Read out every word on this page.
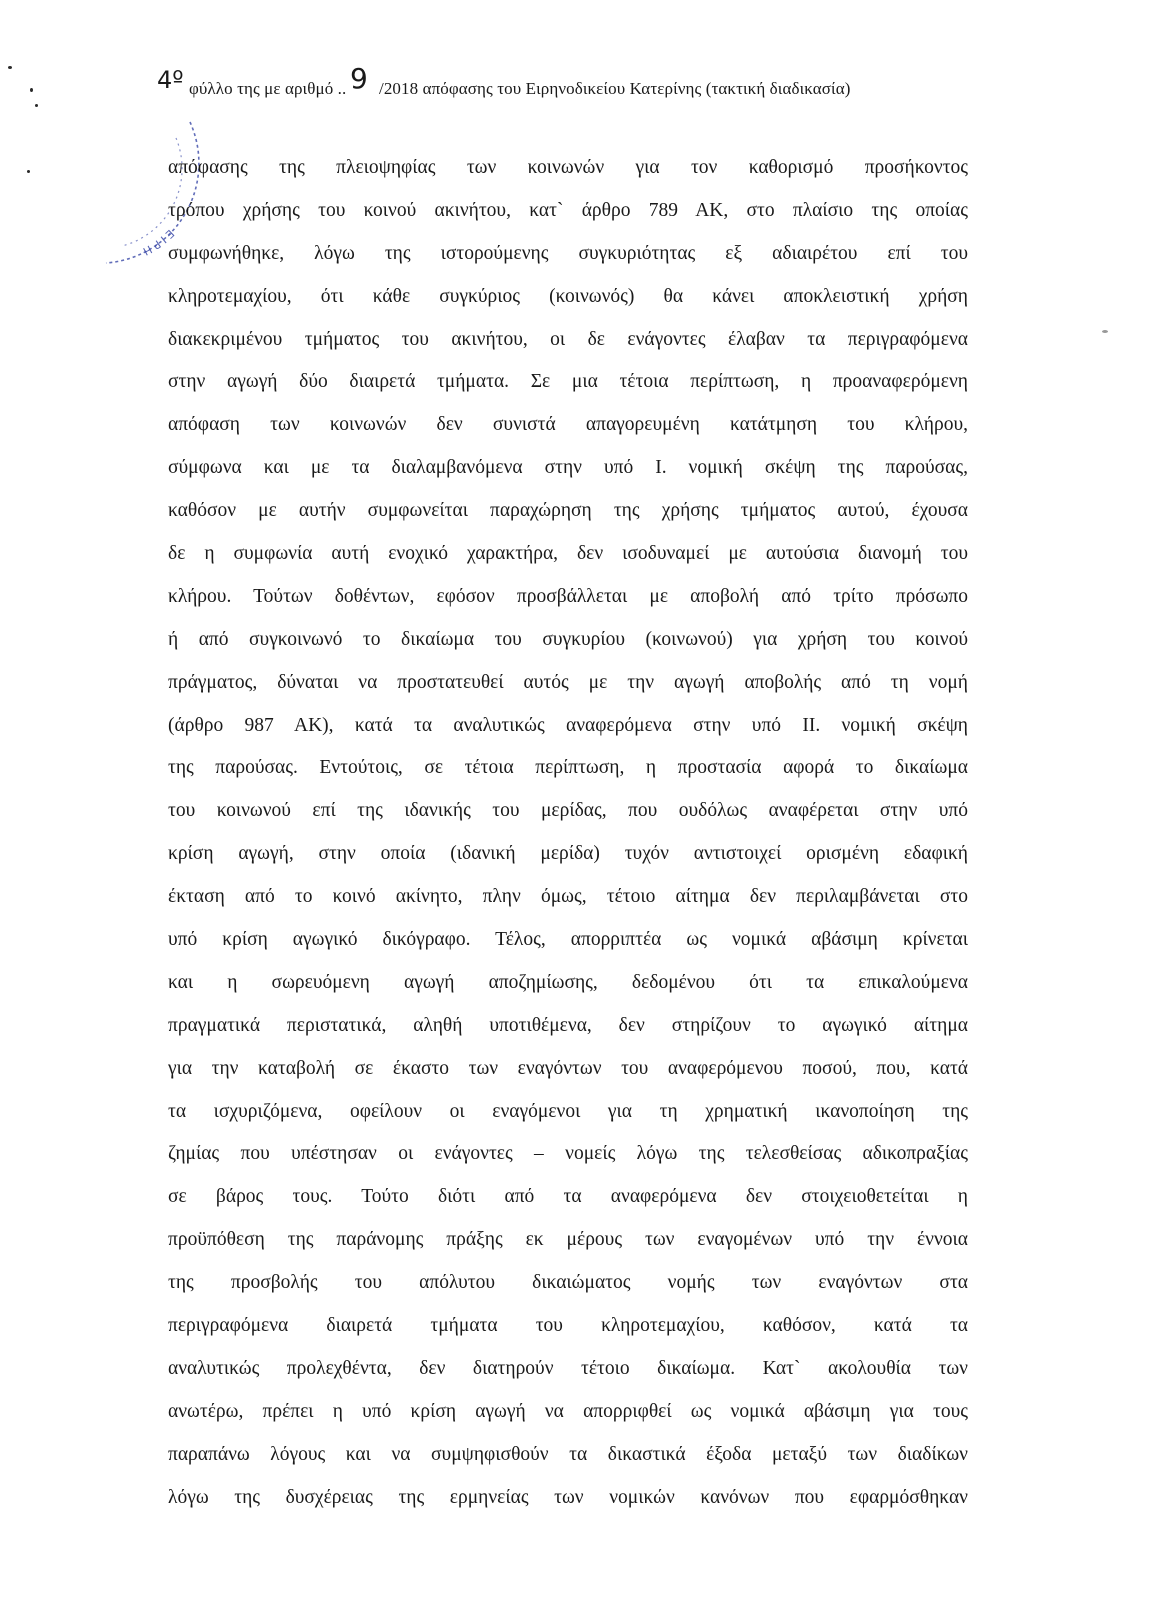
4º φύλλο της με αριθμό .. 9 /2018 απόφασης του Ειρηνοδικείου Κατερίνης (τακτική διαδικασία)
ΕΙΡΗ
απόφασης της πλειοψηφίας των κοινωνών για τον καθορισμό προσήκοντος
τρόπου χρήσης του κοινού ακινήτου, κατ` άρθρο 789 ΑΚ, στο πλαίσιο της οποίας
συμφωνήθηκε, λόγω της ιστορούμενης συγκυριότητας εξ αδιαιρέτου επί του
κληροτεμαχίου, ότι κάθε συγκύριος (κοινωνός) θα κάνει αποκλειστική χρήση
διακεκριμένου τμήματος του ακινήτου, οι δε ενάγοντες έλαβαν τα περιγραφόμενα
στην αγωγή δύο διαιρετά τμήματα. Σε μια τέτοια περίπτωση, η προαναφερόμενη
απόφαση των κοινωνών δεν συνιστά απαγορευμένη κατάτμηση του κλήρου,
σύμφωνα και με τα διαλαμβανόμενα στην υπό Ι. νομική σκέψη της παρούσας,
καθόσον με αυτήν συμφωνείται παραχώρηση της χρήσης τμήματος αυτού, έχουσα
δε η συμφωνία αυτή ενοχικό χαρακτήρα, δεν ισοδυναμεί με αυτούσια διανομή του
κλήρου. Τούτων δοθέντων, εφόσον προσβάλλεται με αποβολή από τρίτο πρόσωπο
ή από συγκοινωνό το δικαίωμα του συγκυρίου (κοινωνού) για χρήση του κοινού
πράγματος, δύναται να προστατευθεί αυτός με την αγωγή αποβολής από τη νομή
(άρθρο 987 ΑΚ), κατά τα αναλυτικώς αναφερόμενα στην υπό ΙΙ. νομική σκέψη
της παρούσας. Εντούτοις, σε τέτοια περίπτωση, η προστασία αφορά το δικαίωμα
του κοινωνού επί της ιδανικής του μερίδας, που ουδόλως αναφέρεται στην υπό
κρίση αγωγή, στην οποία (ιδανική μερίδα) τυχόν αντιστοιχεί ορισμένη εδαφική
έκταση από το κοινό ακίνητο, πλην όμως, τέτοιο αίτημα δεν περιλαμβάνεται στο
υπό κρίση αγωγικό δικόγραφο. Τέλος, απορριπτέα ως νομικά αβάσιμη κρίνεται
και η σωρευόμενη αγωγή αποζημίωσης, δεδομένου ότι τα επικαλούμενα
πραγματικά περιστατικά, αληθή υποτιθέμενα, δεν στηρίζουν το αγωγικό αίτημα
για την καταβολή σε έκαστο των εναγόντων του αναφερόμενου ποσού, που, κατά
τα ισχυριζόμενα, οφείλουν οι εναγόμενοι για τη χρηματική ικανοποίηση της
ζημίας που υπέστησαν οι ενάγοντες – νομείς λόγω της τελεσθείσας αδικοπραξίας
σε βάρος τους. Τούτο διότι από τα αναφερόμενα δεν στοιχειοθετείται η
προϋπόθεση της παράνομης πράξης εκ μέρους των εναγομένων υπό την έννοια
της προσβολής του απόλυτου δικαιώματος νομής των εναγόντων στα
περιγραφόμενα διαιρετά τμήματα του κληροτεμαχίου, καθόσον, κατά τα
αναλυτικώς προλεχθέντα, δεν διατηρούν τέτοιο δικαίωμα. Κατ` ακολουθία των
ανωτέρω, πρέπει η υπό κρίση αγωγή να απορριφθεί ως νομικά αβάσιμη για τους
παραπάνω λόγους και να συμψηφισθούν τα δικαστικά έξοδα μεταξύ των διαδίκων
λόγω της δυσχέρειας της ερμηνείας των νομικών κανόνων που εφαρμόσθηκαν
